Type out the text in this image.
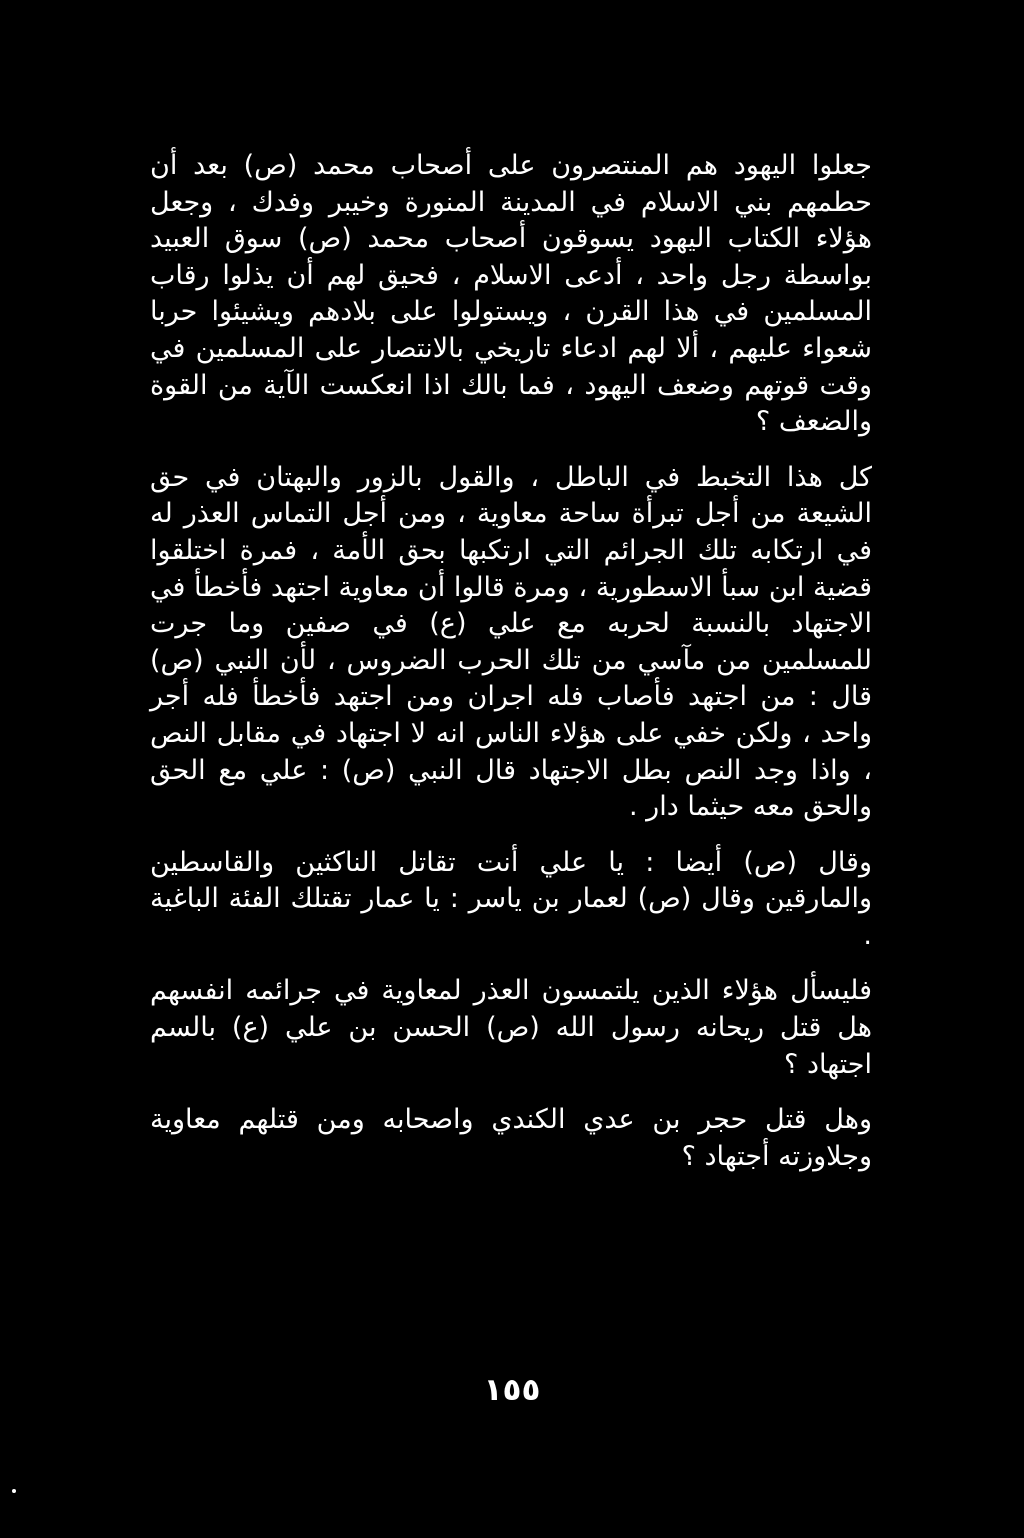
جعلوا اليهود هم المنتصرون على أصحاب محمد (ص) بعد أن حطمهم بني الاسلام في المدينة المنورة وخيبر وفدك ، وجعل هؤلاء الكتاب اليهود يسوقون أصحاب محمد (ص) سوق العبيد بواسطة رجل واحد ، أدعى الاسلام ، فحيق لهم أن يذلوا رقاب المسلمين في هذا القرن ، ويستولوا على بلادهم ويشيئوا حربا شعواء عليهم ، ألا لهم ادعاء تاريخي بالانتصار على المسلمين في وقت قوتهم وضعف اليهود ، فما بالك اذا انعكست الآية من القوة والضعف ؟

كل هذا التخبط في الباطل ، والقول بالزور والبهتان في حق الشيعة من أجل تبرأة ساحة معاوية ، ومن أجل التماس العذر له في ارتكابه تلك الجرائم التي ارتكبها بحق الأمة ، فمرة اختلقوا قضية ابن سبأ الاسطورية ، ومرة قالوا أن معاوية اجتهد فأخطأ في الاجتهاد بالنسبة لحربه مع علي (ع) في صفين وما جرت للمسلمين من مآسي من تلك الحرب الضروس ، لأن النبي (ص) قال : من اجتهد فأصاب فله اجران ومن اجتهد فأخطأ فله أجر واحد ، ولكن خفي على هؤلاء الناس انه لا اجتهاد في مقابل النص ، واذا وجد النص بطل الاجتهاد قال النبي (ص) : علي مع الحق والحق معه حيثما دار .

وقال (ص) أيضا : يا علي أنت تقاتل الناكثين والقاسطين والمارقين وقال (ص) لعمار بن ياسر : يا عمار تقتلك الفئة الباغية .

فليسأل هؤلاء الذين يلتمسون العذر لمعاوية في جرائمه انفسهم هل قتل ريحانه رسول الله (ص) الحسن بن علي (ع) بالسم اجتهاد ؟

وهل قتل حجر بن عدي الكندي واصحابه ومن قتلهم معاوية وجلاوزته أجتهاد ؟

١٥٥
